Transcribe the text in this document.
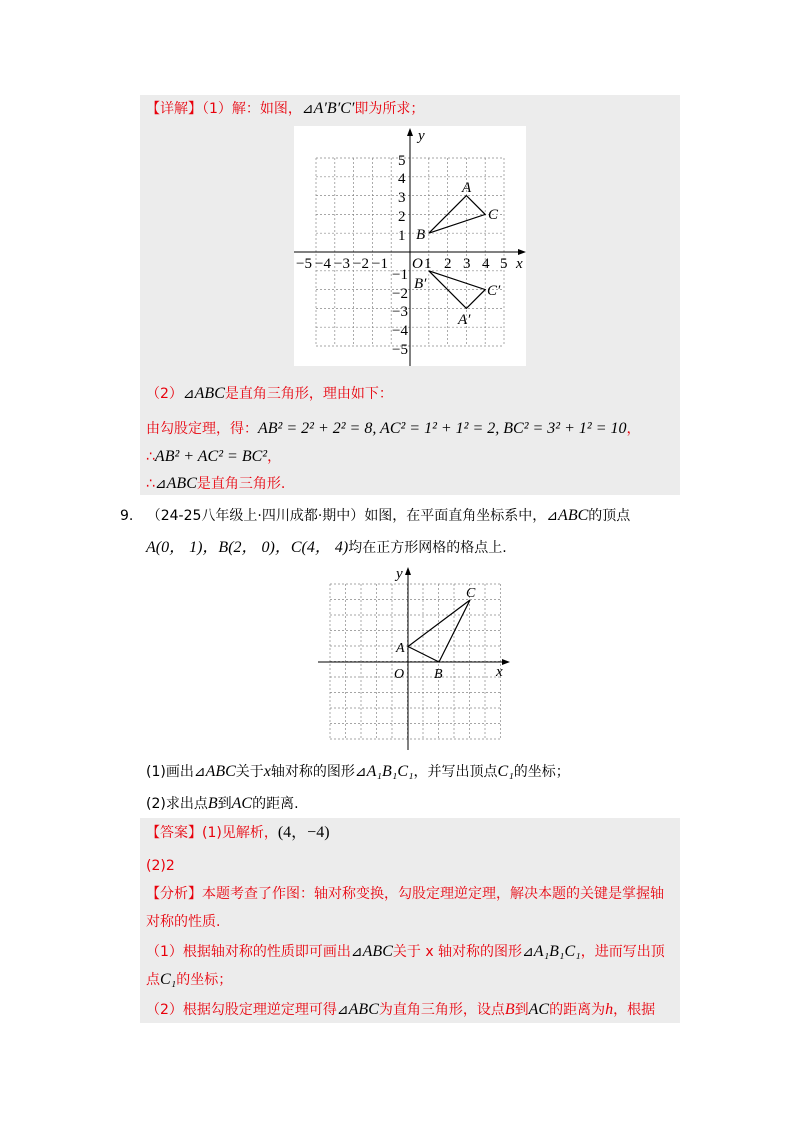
【详解】（1）解：如图，⊿A′B′C′即为所求；
x
y
−5 −4 −3 −2 −1 O 1 2 3 4 5
5
4
3
2
1
−1
−2
−3
−4
−5
A
B
C
A′
B′	C′
（2）⊿ABC是直角三角形，理由如下：
由勾股定理，得：AB² = 2² + 2² = 8, AC² = 1² + 1² = 2, BC² = 3² + 1² = 10，
∴AB² + AC² = BC²，
∴⊿ABC是直角三角形.
9. （24-25八年级上·四川成都·期中）如图，在平面直角坐标系中，⊿ABC的顶点
A(0， 1)，B(2， 0)，C(4， 4)均在正方形网格的格点上.
x
y
O
A
B
C
(1)画出⊿ABC关于x轴对称的图形⊿A₁B₁C₁，并写出顶点C₁的坐标；
(2)求出点B到AC的距离.
【答案】(1)见解析，(4，−4)
(2)2
【分析】本题考查了作图：轴对称变换，勾股定理逆定理，解决本题的关键是掌握轴
对称的性质.
（1）根据轴对称的性质即可画出⊿ABC关于 x 轴对称的图形⊿A₁B₁C₁，进而写出顶
点C₁的坐标；
（2）根据勾股定理逆定理可得⊿ABC为直角三角形，设点B到AC的距离为h，根据
